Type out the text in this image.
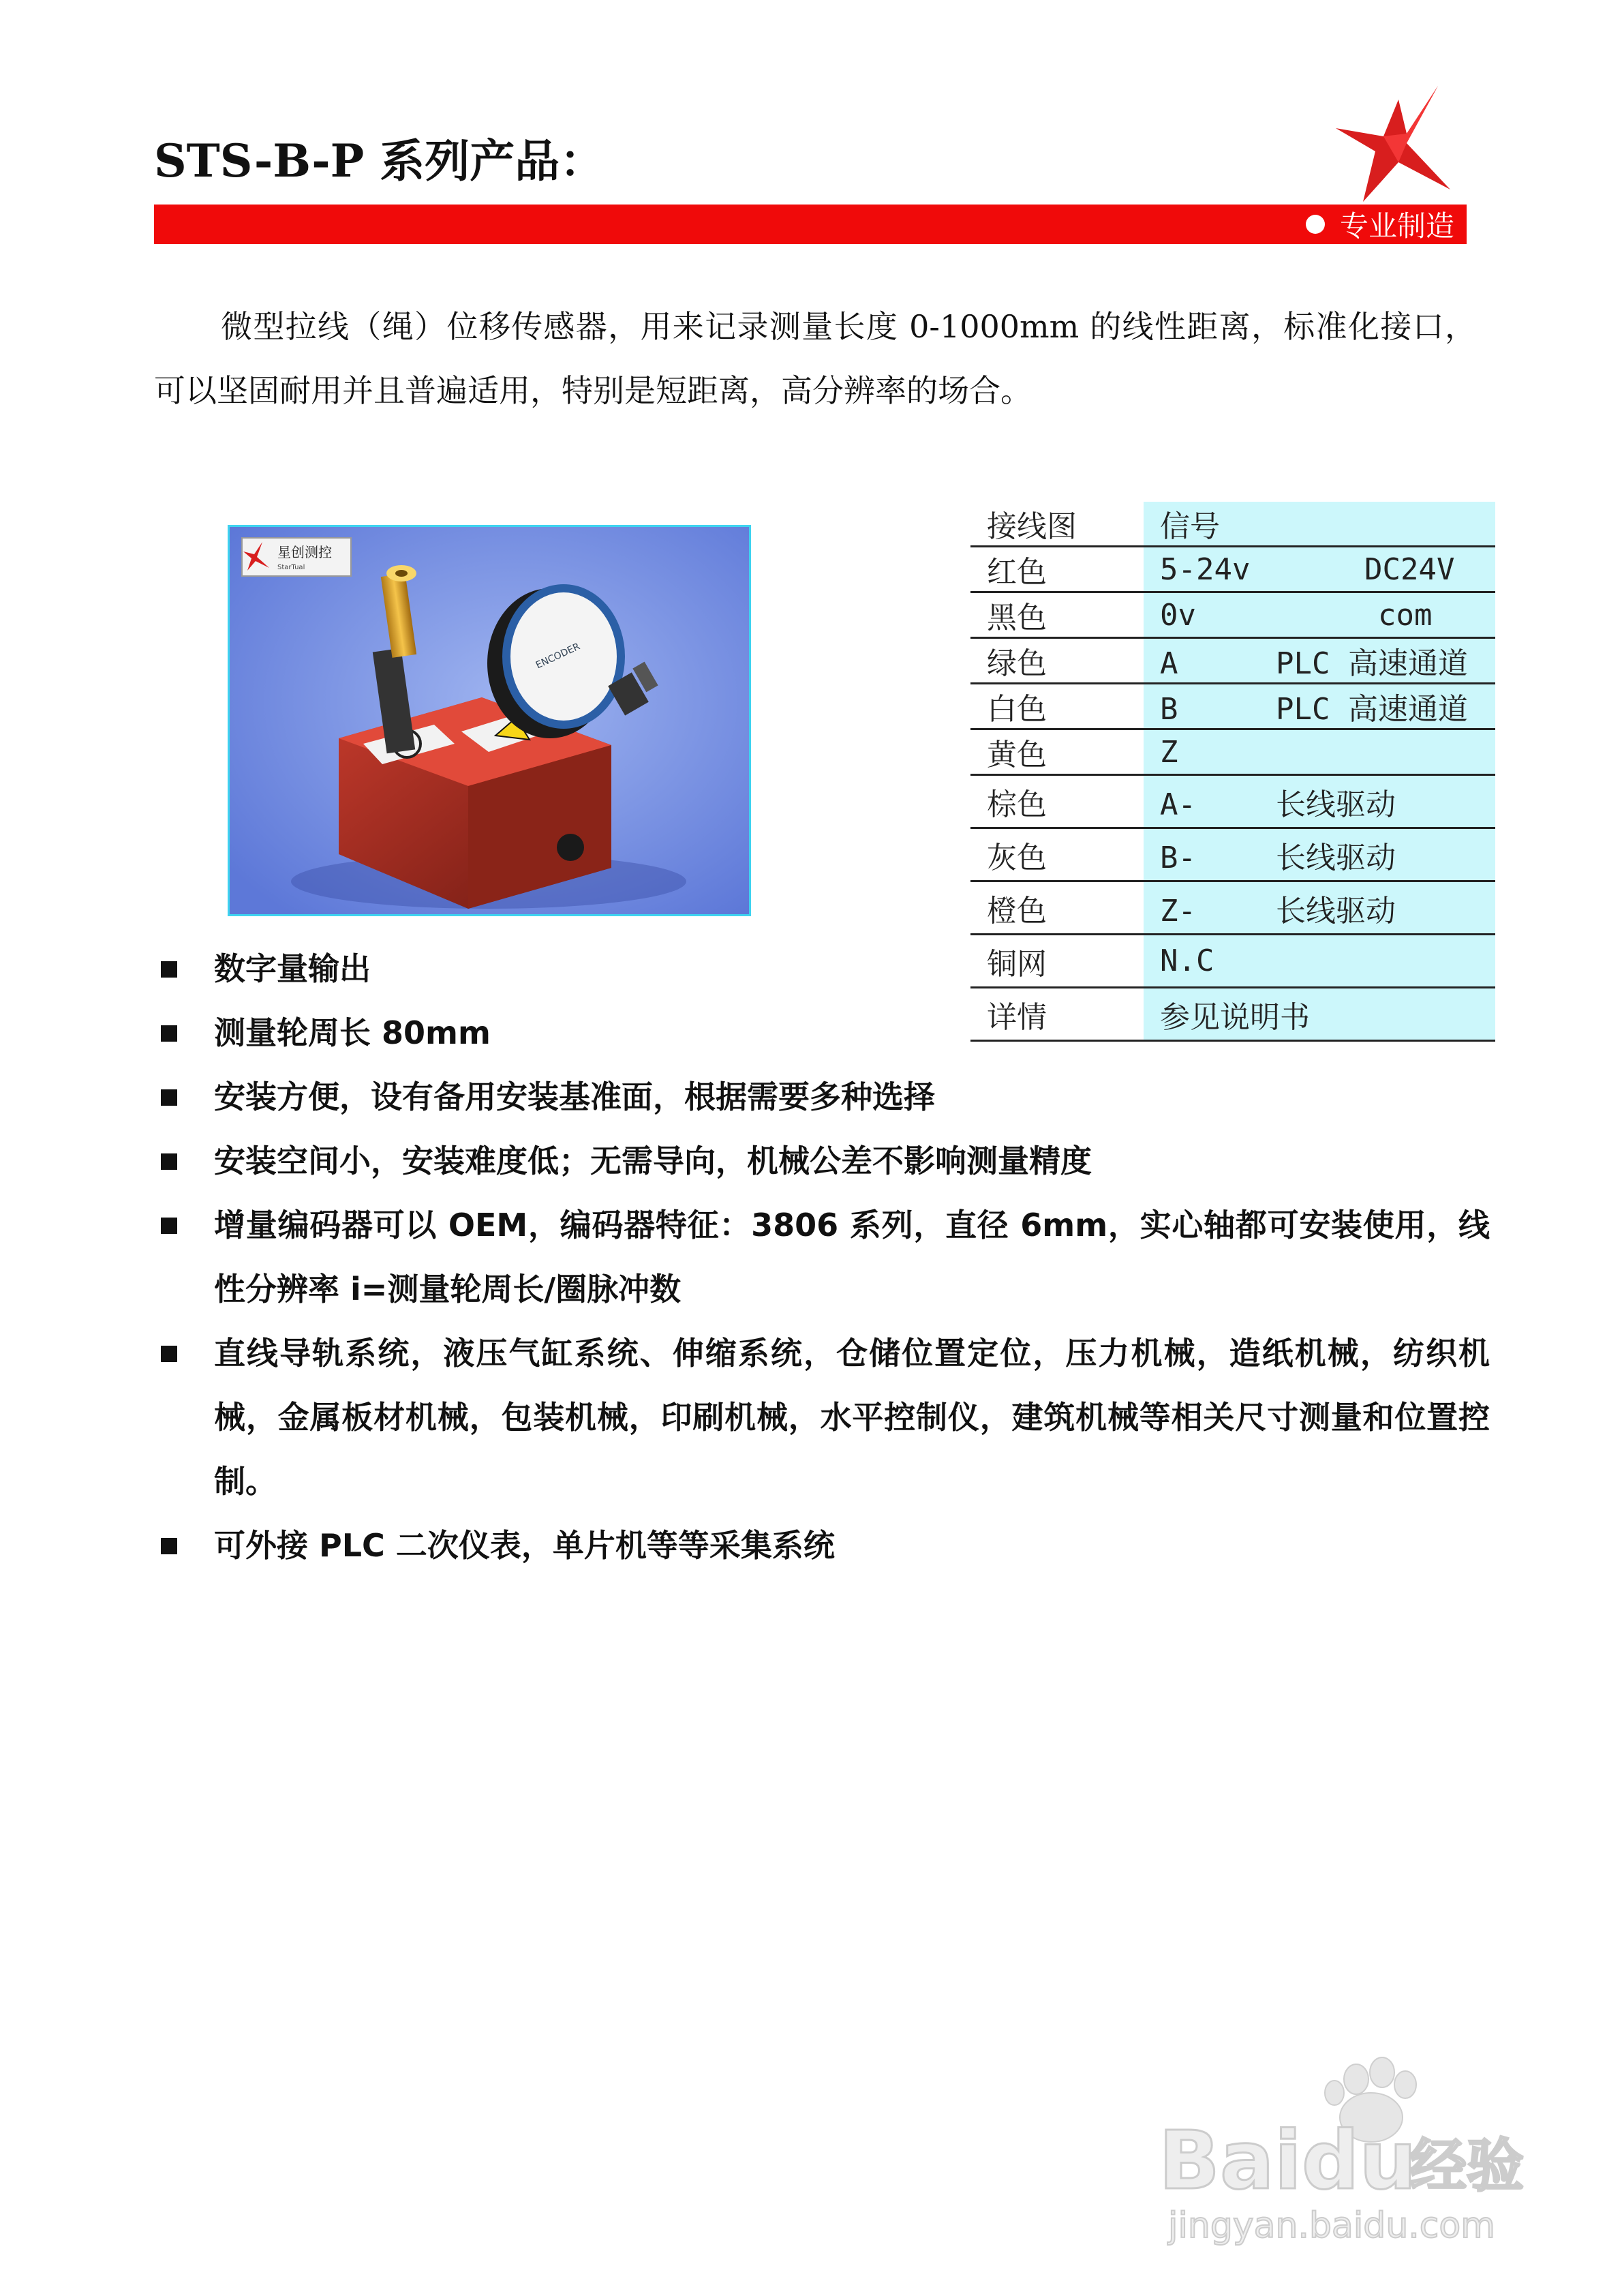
STS-B-P 系列产品：
专业制造

微型拉线（绳）位移传感器，用来记录测量长度 0-1000mm 的线性距离，标准化接口，可以坚固耐用并且普遍适用，特别是短距离，高分辨率的场合。

星创测控
StarTual
ENCODER
接线图	信号
红色	5-24v DC24V
黑色	0v com
绿色	A PLC 高速通道
白色	B PLC 高速通道
黄色	Z
棕色	A- 长线驱动
灰色	B- 长线驱动
橙色	Z- 长线驱动
铜网	N.C
详情	参见说明书
数字量输出
测量轮周长 80mm
安装方便，设有备用安装基准面，根据需要多种选择
安装空间小，安装难度低；无需导向，机械公差不影响测量精度
增量编码器可以 OEM，编码器特征：3806 系列，直径 6mm，实心轴都可安装使用，线性分辨率 i=测量轮周长/圈脉冲数
直线导轨系统，液压气缸系统、伸缩系统，仓储位置定位，压力机械，造纸机械，纺织机械，金属板材机械，包装机械，印刷机械，水平控制仪，建筑机械等相关尺寸测量和位置控制。
可外接 PLC 二次仪表，单片机等等采集系统
Baidu
经验
jingyan.baidu.com
